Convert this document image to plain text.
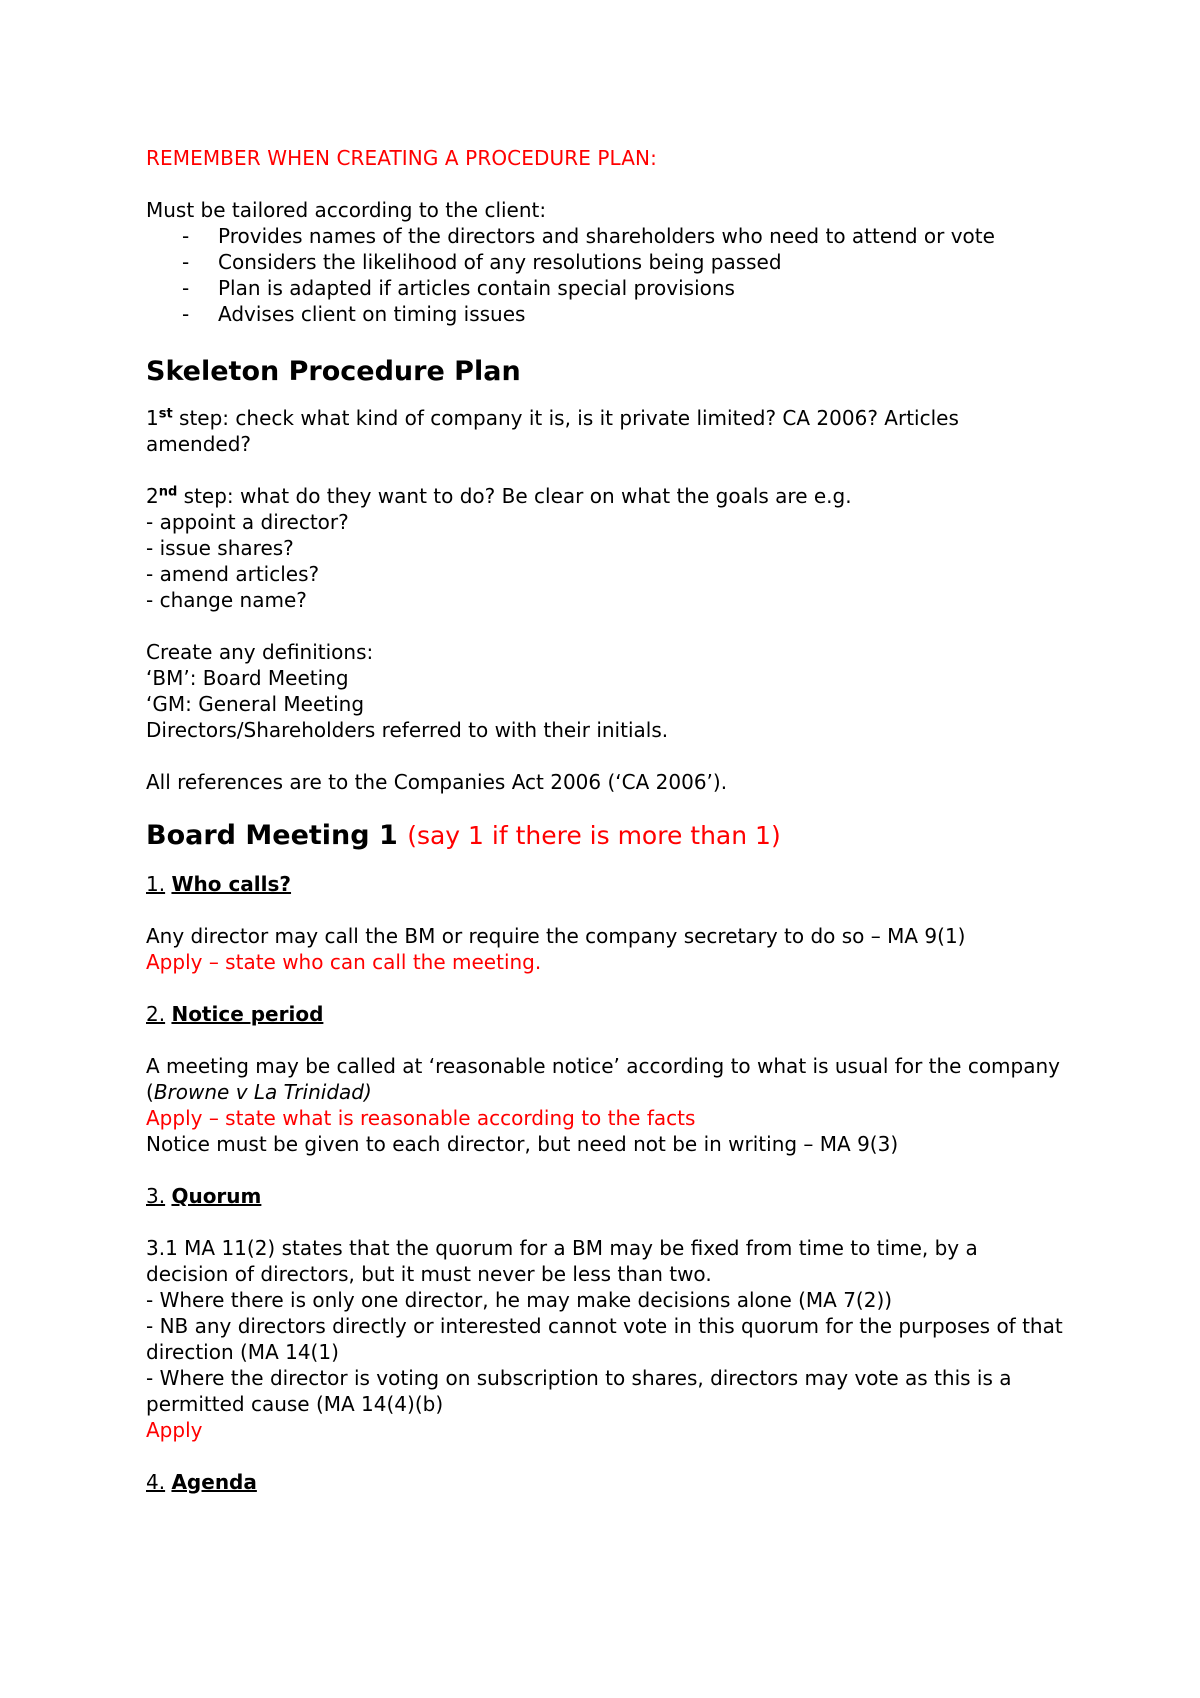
REMEMBER WHEN CREATING A PROCEDURE PLAN:

Must be tailored according to the client:

- Provides names of the directors and shareholders who need to attend or vote
- Considers the likelihood of any resolutions being passed
- Plan is adapted if articles contain special provisions
- Advises client on timing issues
Skeleton Procedure Plan

1st step: check what kind of company it is, is it private limited? CA 2006? Articles amended?

2nd step: what do they want to do? Be clear on what the goals are e.g.

- appoint a director?

- issue shares?

- amend articles?

- change name?

Create any definitions:

‘BM’: Board Meeting

‘GM: General Meeting

Directors/Shareholders referred to with their initials.

All references are to the Companies Act 2006 (‘CA 2006’).

Board Meeting 1 (say 1 if there is more than 1)

1. Who calls?

Any director may call the BM or require the company secretary to do so – MA 9(1)

Apply – state who can call the meeting.

2. Notice period

A meeting may be called at ‘reasonable notice’ according to what is usual for the company (Browne v La Trinidad)

Apply – state what is reasonable according to the facts

Notice must be given to each director, but need not be in writing – MA 9(3)

3. Quorum

3.1 MA 11(2) states that the quorum for a BM may be fixed from time to time, by a decision of directors, but it must never be less than two.

- Where there is only one director, he may make decisions alone (MA 7(2))

- NB any directors directly or interested cannot vote in this quorum for the purposes of that direction (MA 14(1)

- Where the director is voting on subscription to shares, directors may vote as this is a permitted cause (MA 14(4)(b)

Apply

4. Agenda
